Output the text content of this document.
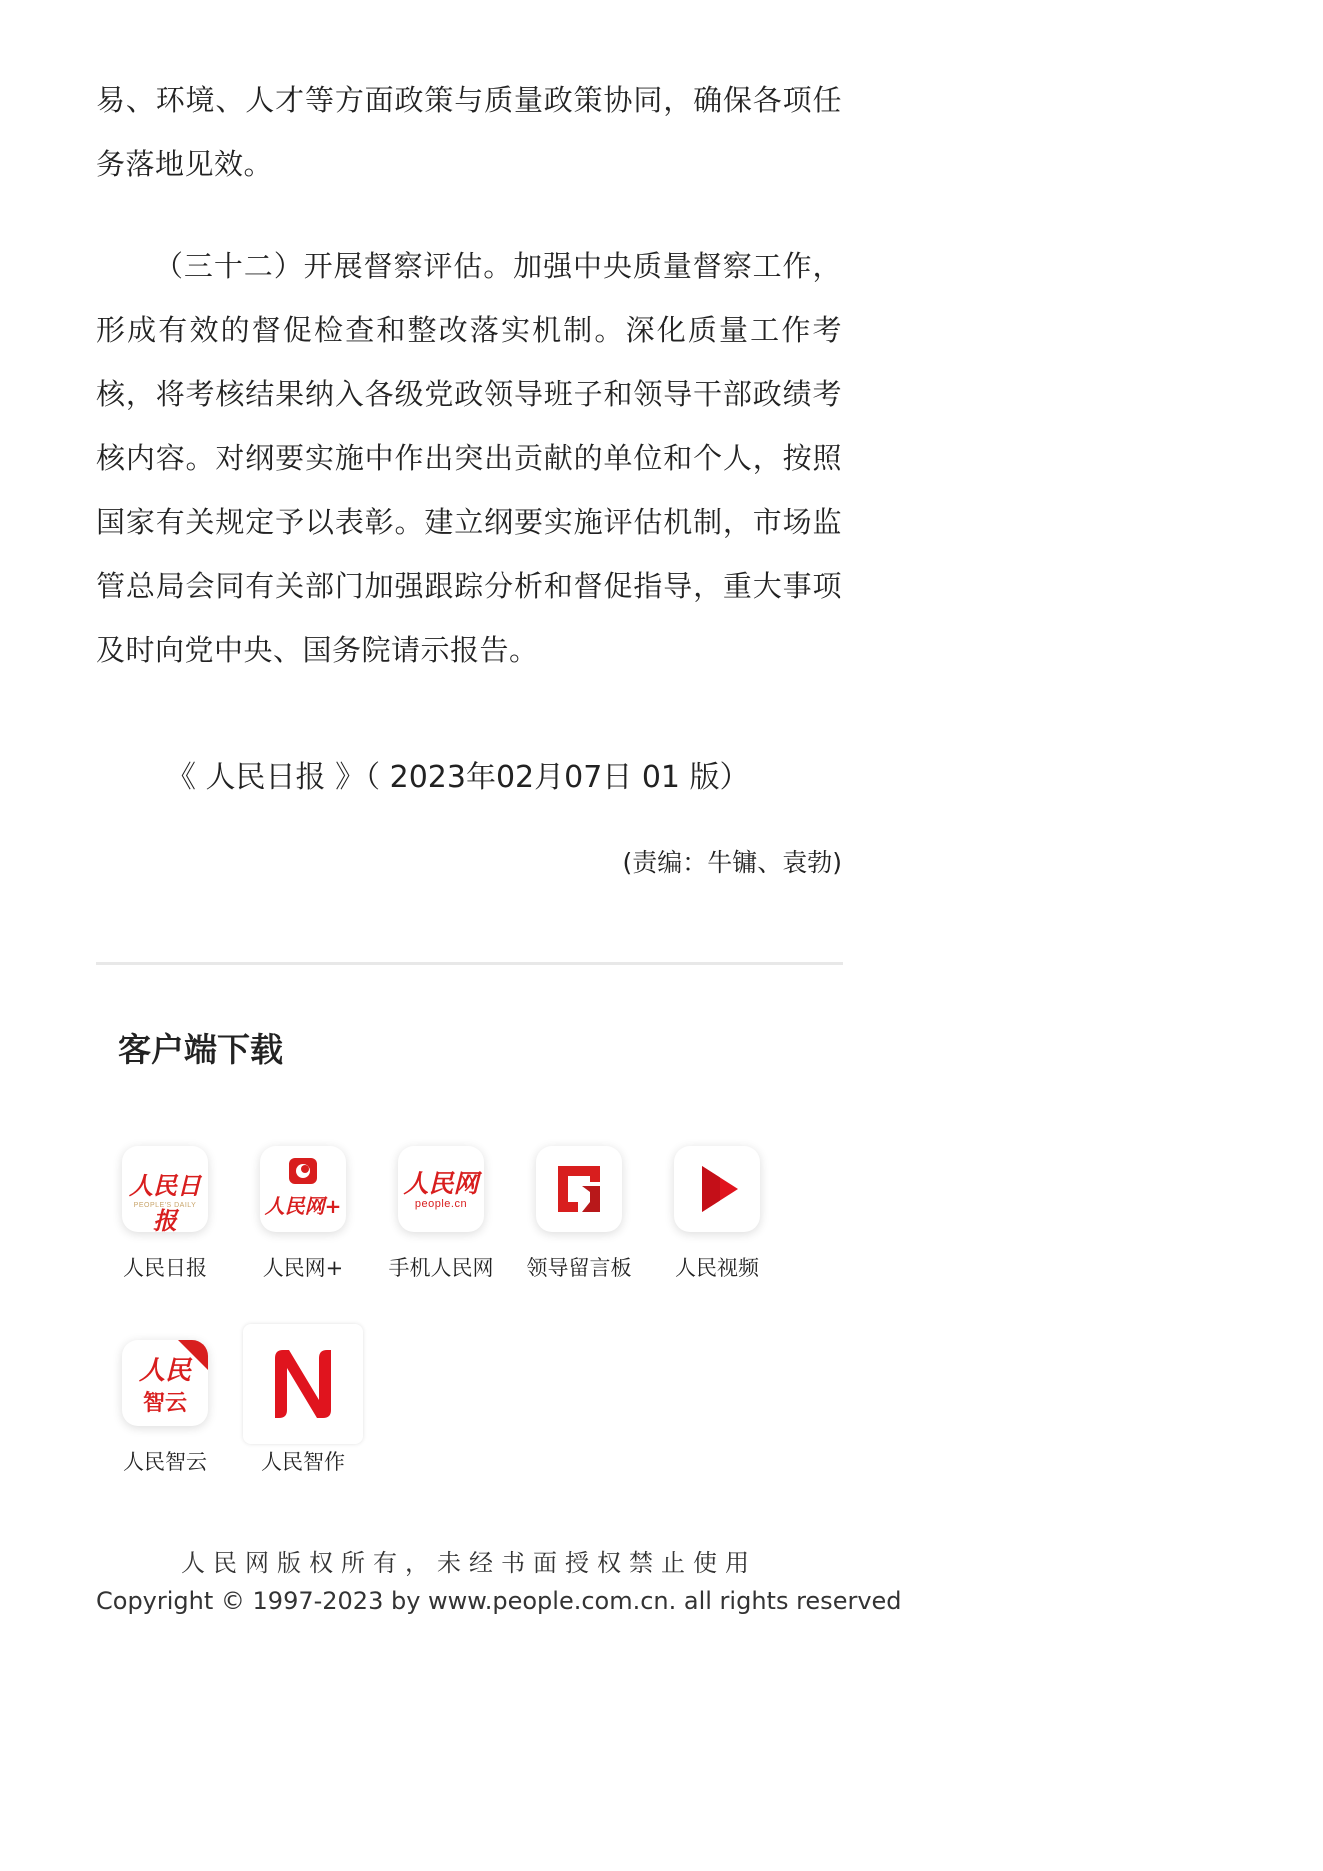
易、环境、人才等方面政策与质量政策协同，确保各项任务落地见效。

（三十二）开展督察评估。加强中央质量督察工作，形成有效的督促检查和整改落实机制。深化质量工作考核，将考核结果纳入各级党政领导班子和领导干部政绩考核内容。对纲要实施中作出突出贡献的单位和个人，按照国家有关规定予以表彰。建立纲要实施评估机制，市场监管总局会同有关部门加强跟踪分析和督促指导，重大事项及时向党中央、国务院请示报告。

《 人民日报 》（ 2023年02月07日 01 版）
(责编：牛镛、袁勃)
客户端下载
人民日报
PEOPLE'S DAILY
人民日报
人民网+
人民网+
人民网
people.cn
手机人民网	领导留言板	人民视频
人民
智云
人民智云	人民智作
人民网版权所有，未经书面授权禁止使用
Copyright © 1997-2023 by www.people.com.cn. all rights reserved
